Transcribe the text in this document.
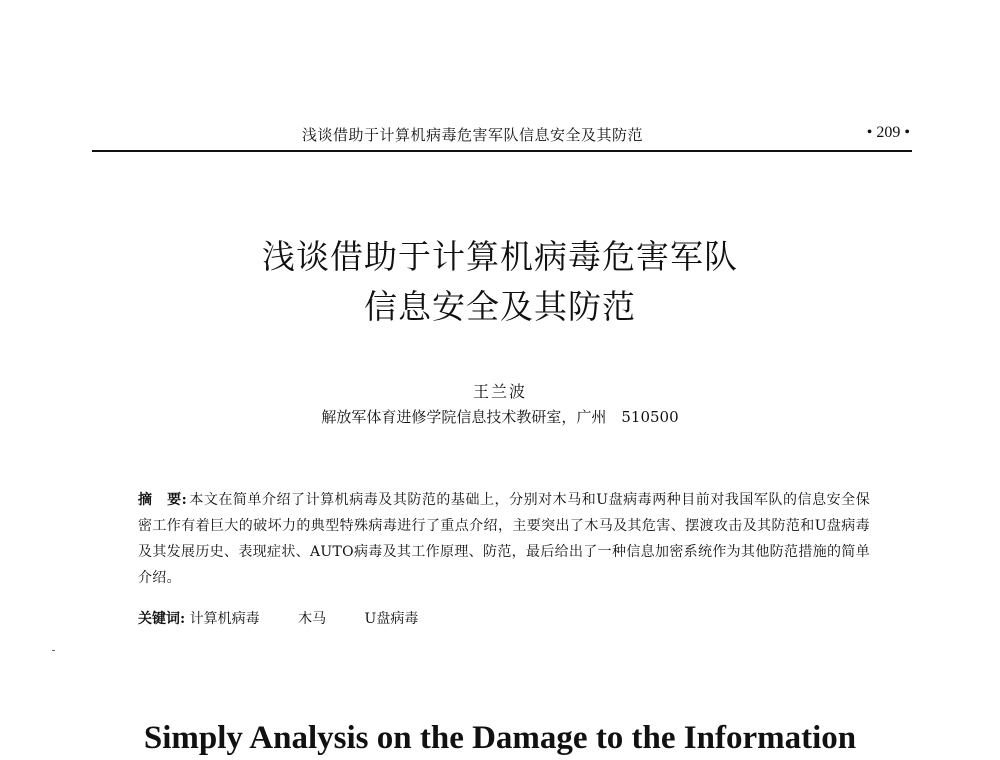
浅谈借助于计算机病毒危害军队信息安全及其防范	• 209 •
浅谈借助于计算机病毒危害军队
信息安全及其防范
王兰波
解放军体育进修学院信息技术教研室，广州　510500

摘　要: 本文在简单介绍了计算机病毒及其防范的基础上，分别对木马和U盘病毒两种目前对我国军队的信息安全保密工作有着巨大的破坏力的典型特殊病毒进行了重点介绍，主要突出了木马及其危害、摆渡攻击及其防范和U盘病毒及其发展历史、表现症状、AUTO病毒及其工作原理、防范，最后给出了一种信息加密系统作为其他防范措施的简单介绍。

关键词: 计算机病毒	木马	U盘病毒
Simply Analysis on the Damage to the Information
